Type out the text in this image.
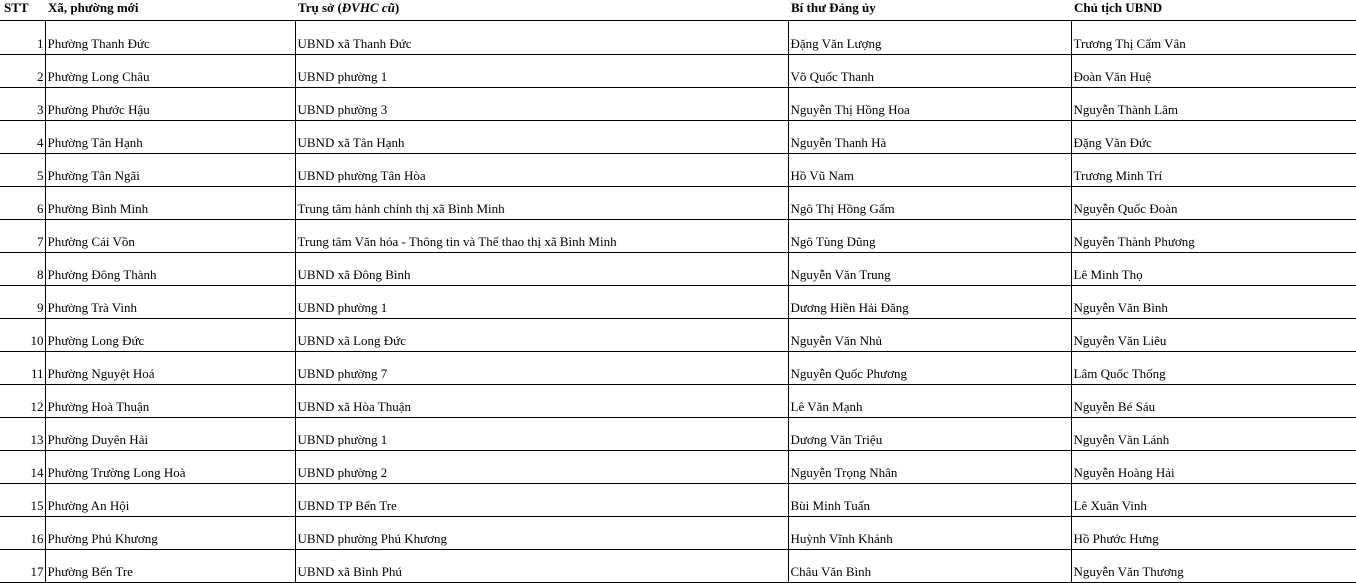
STT	Xã, phường mới	Trụ sở (ĐVHC cũ)	Bí thư Đảng ủy	Chủ tịch UBND
1	Phường Thanh Đức	UBND xã Thanh Đức	Đặng Văn Lượng	Trương Thị Cẩm Vân
2	Phường Long Châu	UBND phường 1	Võ Quốc Thanh	Đoàn Văn Huệ
3	Phường Phước Hậu	UBND phường 3	Nguyễn Thị Hồng Hoa	Nguyễn Thành Lâm
4	Phường Tân Hạnh	UBND xã Tân Hạnh	Nguyễn Thanh Hà	Đặng Văn Đức
5	Phường Tân Ngãi	UBND phường Tân Hòa	Hồ Vũ Nam	Trương Minh Trí
6	Phường Bình Minh	Trung tâm hành chính thị xã Bình Minh	Ngô Thị Hồng Gấm	Nguyễn Quốc Đoàn
7	Phường Cái Vồn	Trung tâm Văn hóa - Thông tin và Thể thao thị xã Bình Minh	Ngô Tùng Dũng	Nguyễn Thành Phương
8	Phường Đông Thành	UBND xã Đông Bình	Nguyễn Văn Trung	Lê Minh Thọ
9	Phường Trà Vinh	UBND phường 1	Dương Hiền Hải Đăng	Nguyễn Văn Bình
10	Phường Long Đức	UBND xã Long Đức	Nguyễn Văn Nhủ	Nguyễn Văn Liêu
11	Phường Nguyệt Hoá	UBND phường 7	Nguyễn Quốc Phương	Lâm Quốc Thống
12	Phường Hoà Thuận	UBND xã Hòa Thuận	Lê Văn Mạnh	Nguyễn Bé Sáu
13	Phường Duyên Hải	UBND phường 1	Dương Văn Triệu	Nguyễn Văn Lánh
14	Phường Trường Long Hoà	UBND phường 2	Nguyễn Trọng Nhân	Nguyễn Hoàng Hải
15	Phường An Hội	UBND TP Bến Tre	Bùi Minh Tuấn	Lê Xuân Vinh
16	Phường Phú Khương	UBND phường Phú Khương	Huỳnh Vĩnh Khánh	Hồ Phước Hưng
17	Phường Bến Tre	UBND xã Bình Phú	Châu Văn Bình	Nguyễn Văn Thương
